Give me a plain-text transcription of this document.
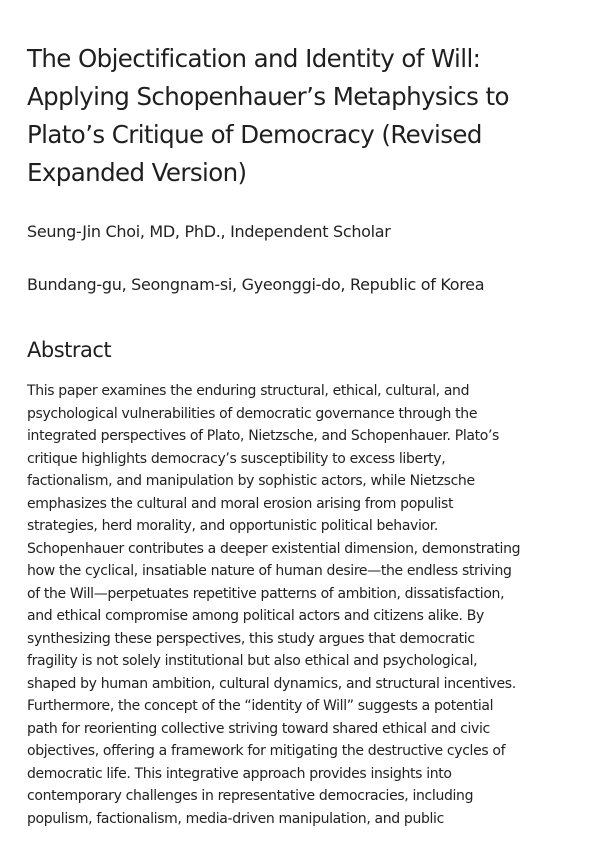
The Objectification and Identity of Will:
Applying Schopenhauer’s Metaphysics to
Plato’s Critique of Democracy (Revised
Expanded Version)
Seung-Jin Choi, MD, PhD., Independent Scholar
Bundang-gu, Seongnam-si, Gyeonggi-do, Republic of Korea
Abstract
This paper examines the enduring structural, ethical, cultural, and
psychological vulnerabilities of democratic governance through the
integrated perspectives of Plato, Nietzsche, and Schopenhauer. Plato’s
critique highlights democracy’s susceptibility to excess liberty,
factionalism, and manipulation by sophistic actors, while Nietzsche
emphasizes the cultural and moral erosion arising from populist
strategies, herd morality, and opportunistic political behavior.
Schopenhauer contributes a deeper existential dimension, demonstrating
how the cyclical, insatiable nature of human desire—the endless striving
of the Will—perpetuates repetitive patterns of ambition, dissatisfaction,
and ethical compromise among political actors and citizens alike. By
synthesizing these perspectives, this study argues that democratic
fragility is not solely institutional but also ethical and psychological,
shaped by human ambition, cultural dynamics, and structural incentives.
Furthermore, the concept of the “identity of Will” suggests a potential
path for reorienting collective striving toward shared ethical and civic
objectives, offering a framework for mitigating the destructive cycles of
democratic life. This integrative approach provides insights into
contemporary challenges in representative democracies, including
populism, factionalism, media-driven manipulation, and public
